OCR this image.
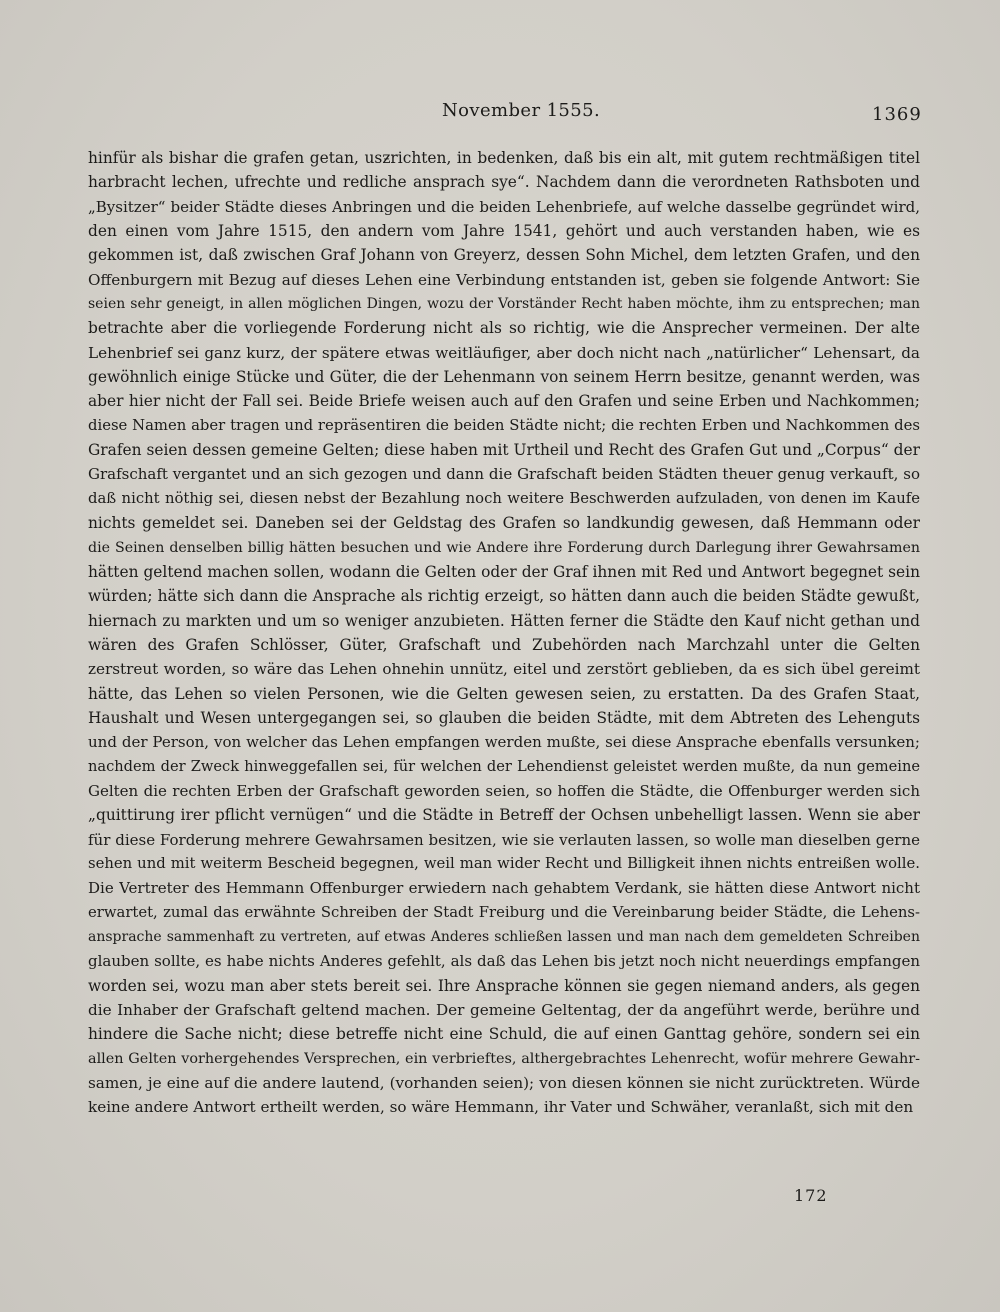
November 1555.	1369
hinfür als bishar die grafen getan, usƶrichten, in bedenken, daß bis ein alt, mit gutem rechtmäßigen titel
harbracht lechen, ufrechte und redliche ansprach sye“. Nachdem dann die verordneten Rathsboten und
„Bysitzer“ beider Städte dieses Anbringen und die beiden Lehenbriefe, auf welche dasselbe gegründet wird,
den einen vom Jahre 1515, den andern vom Jahre 1541, gehört und auch verstanden haben, wie es
gekommen ist, daß zwischen Graf Johann von Greyerz, dessen Sohn Michel, dem letzten Grafen, und den
Offenburgern mit Bezug auf dieses Lehen eine Verbindung entstanden ist, geben sie folgende Antwort: Sie
seien sehr geneigt, in allen möglichen Dingen, wozu der Vorständer Recht haben möchte, ihm zu entsprechen; man
betrachte aber die vorliegende Forderung nicht als so richtig, wie die Ansprecher vermeinen. Der alte
Lehenbrief sei ganz kurz, der spätere etwas weitläufiger, aber doch nicht nach „natürlicher“ Lehensart, da
gewöhnlich einige Stücke und Güter, die der Lehenmann von seinem Herrn besitze, genannt werden, was
aber hier nicht der Fall sei. Beide Briefe weisen auch auf den Grafen und seine Erben und Nachkommen;
diese Namen aber tragen und repräsentiren die beiden Städte nicht; die rechten Erben und Nachkommen des
Grafen seien dessen gemeine Gelten; diese haben mit Urtheil und Recht des Grafen Gut und „Corpus“ der
Grafschaft vergantet und an sich gezogen und dann die Grafschaft beiden Städten theuer genug verkauft, so
daß nicht nöthig sei, diesen nebst der Bezahlung noch weitere Beschwerden aufzuladen, von denen im Kaufe
nichts gemeldet sei. Daneben sei der Geldstag des Grafen so landkundig gewesen, daß Hemmann oder
die Seinen denselben billig hätten besuchen und wie Andere ihre Forderung durch Darlegung ihrer Gewahrsamen
hätten geltend machen sollen, wodann die Gelten oder der Graf ihnen mit Red und Antwort begegnet sein
würden; hätte sich dann die Ansprache als richtig erzeigt, so hätten dann auch die beiden Städte gewußt,
hiernach zu markten und um so weniger anzubieten. Hätten ferner die Städte den Kauf nicht gethan und
wären des Grafen Schlösser, Güter, Grafschaft und Zubehörden nach Marchzahl unter die Gelten
zerstreut worden, so wäre das Lehen ohnehin unnütz, eitel und zerstört geblieben, da es sich übel gereimt
hätte, das Lehen so vielen Personen, wie die Gelten gewesen seien, zu erstatten. Da des Grafen Staat,
Haushalt und Wesen untergegangen sei, so glauben die beiden Städte, mit dem Abtreten des Lehenguts
und der Person, von welcher das Lehen empfangen werden mußte, sei diese Ansprache ebenfalls versunken;
nachdem der Zweck hinweggefallen sei, für welchen der Lehendienst geleistet werden mußte, da nun gemeine
Gelten die rechten Erben der Grafschaft geworden seien, so hoffen die Städte, die Offenburger werden sich
„quittirung irer pflicht vernügen“ und die Städte in Betreff der Ochsen unbehelligt lassen. Wenn sie aber
für diese Forderung mehrere Gewahrsamen besitzen, wie sie verlauten lassen, so wolle man dieselben gerne
sehen und mit weiterm Bescheid begegnen, weil man wider Recht und Billigkeit ihnen nichts entreißen wolle.
Die Vertreter des Hemmann Offenburger erwiedern nach gehabtem Verdank, sie hätten diese Antwort nicht
erwartet, zumal das erwähnte Schreiben der Stadt Freiburg und die Vereinbarung beider Städte, die Lehens-
ansprache sammenhaft zu vertreten, auf etwas Anderes schließen lassen und man nach dem gemeldeten Schreiben
glauben sollte, es habe nichts Anderes gefehlt, als daß das Lehen bis jetzt noch nicht neuerdings empfangen
worden sei, wozu man aber stets bereit sei. Ihre Ansprache können sie gegen niemand anders, als gegen
die Inhaber der Grafschaft geltend machen. Der gemeine Geltentag, der da angeführt werde, berühre und
hindere die Sache nicht; diese betreffe nicht eine Schuld, die auf einen Ganttag gehöre, sondern sei ein
allen Gelten vorhergehendes Versprechen, ein verbrieftes, althergebrachtes Lehenrecht, wofür mehrere Gewahr-
samen, je eine auf die andere lautend, (vorhanden seien); von diesen können sie nicht zurücktreten. Würde
keine andere Antwort ertheilt werden, so wäre Hemmann, ihr Vater und Schwäher, veranlaßt, sich mit den
172
